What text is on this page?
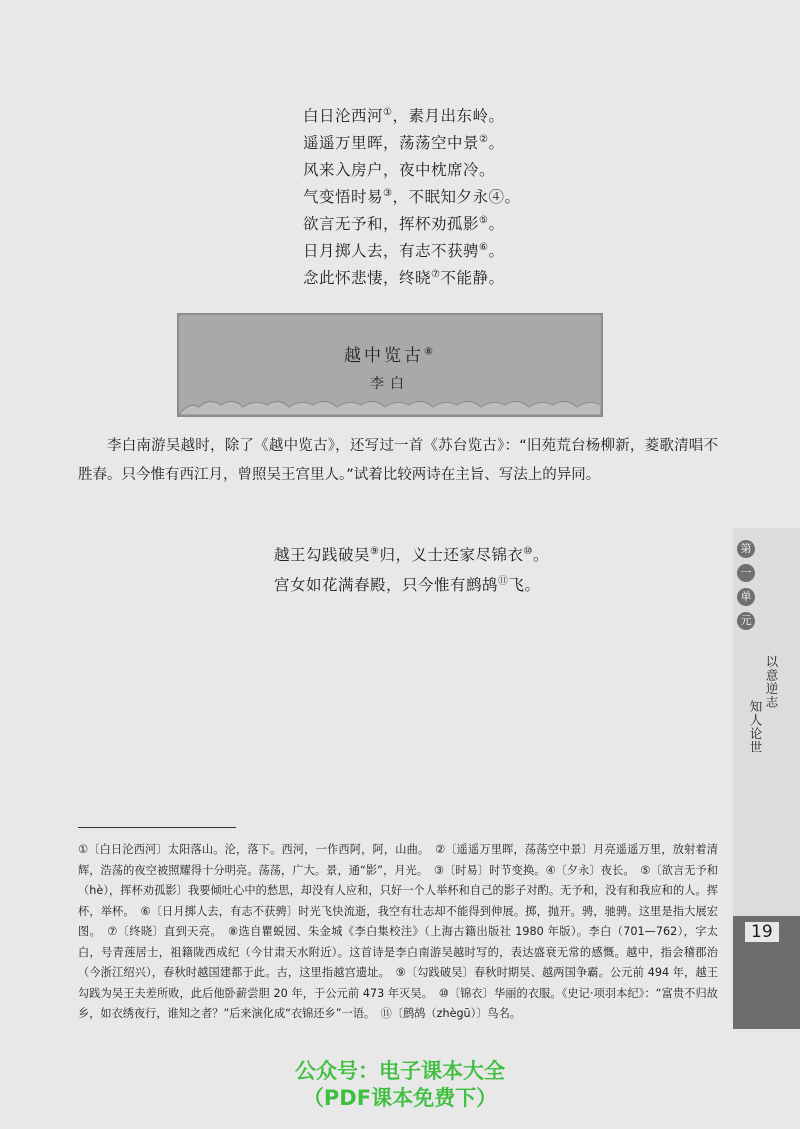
白日沦西河①，素月出东岭。
遥遥万里晖，荡荡空中景②。
风来入房户，夜中枕席冷。
气变悟时易③，不眠知夕永④。
欲言无予和，挥杯劝孤影⑤。
日月掷人去，有志不获骋⑥。
念此怀悲悽，终晓⑦不能静。
越中览古⑧
李白
李白南游吴越时，除了《越中览古》，还写过一首《苏台览古》：“旧苑荒台杨柳新，菱歌清唱不胜春。只今惟有西江月，曾照吴王宫里人。”试着比较两诗在主旨、写法上的异同。
越王勾践破吴⑨归，义士还家尽锦衣⑩。
宫女如花满春殿，只今惟有鹧鸪⑪飞。
第
一
单
元
以意逆志
知人论世
19
①〔白日沦西河〕太阳落山。沦，落下。西河，一作西阿，阿，山曲。　②〔遥遥万里晖，荡荡空中景〕月亮遥遥万里，放射着清辉，浩荡的夜空被照耀得十分明亮。荡荡，广大。景，通“影”，月光。　③〔时易〕时节变换。④〔夕永〕夜长。　⑤〔欲言无予和（hè），挥杯劝孤影〕我要倾吐心中的愁思，却没有人应和，只好一个人举杯和自己的影子对酌。无予和，没有和我应和的人。挥杯，举杯。　⑥〔日月掷人去，有志不获骋〕时光飞快流逝，我空有壮志却不能得到伸展。掷，抛开。骋，驰骋。这里是指大展宏图。　⑦〔终晓〕直到天亮。　⑧选自瞿蜕园、朱金城《李白集校注》（上海古籍出版社 1980 年版）。李白（701—762），字太白，号青莲居士，祖籍陇西成纪（今甘肃天水附近）。这首诗是李白南游吴越时写的，表达盛衰无常的感慨。越中，指会稽郡治（今浙江绍兴），春秋时越国建都于此。古，这里指越宫遗址。　⑨〔勾践破吴〕春秋时期吴、越两国争霸。公元前 494 年，越王勾践为吴王夫差所败，此后他卧薪尝胆 20 年，于公元前 473 年灭吴。　⑩〔锦衣〕华丽的衣服。《史记·项羽本纪》：“富贵不归故乡，如衣绣夜行，谁知之者？”后来演化成“衣锦还乡”一语。　⑪〔鹧鸪（zhègū）〕鸟名。
公众号：电子课本大全
（PDF课本免费下）
